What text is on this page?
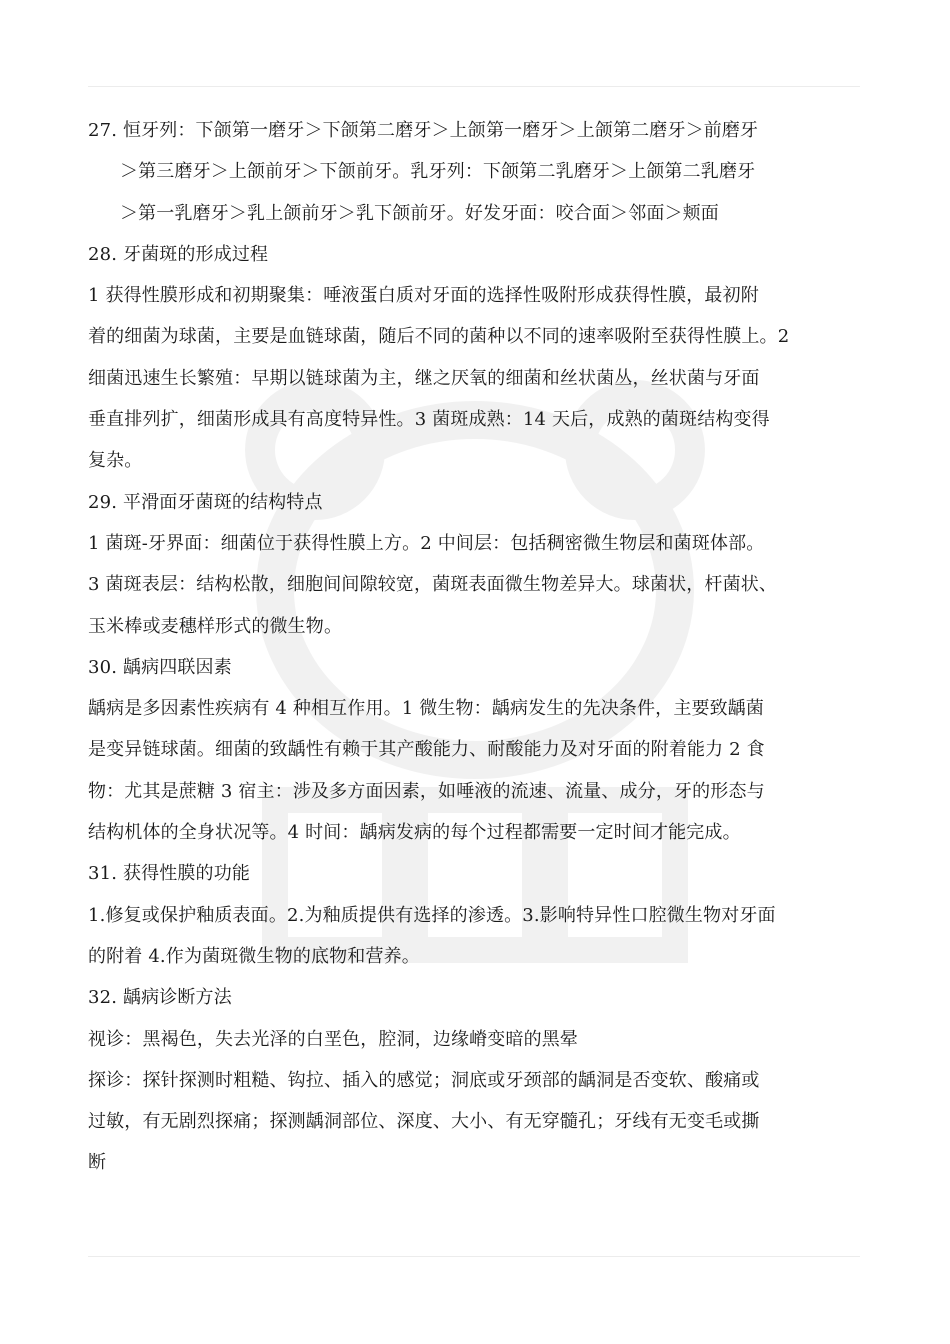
27. 恒牙列：下颌第一磨牙＞下颌第二磨牙＞上颌第一磨牙＞上颌第二磨牙＞前磨牙
＞第三磨牙＞上颌前牙＞下颌前牙。乳牙列：下颌第二乳磨牙＞上颌第二乳磨牙
＞第一乳磨牙＞乳上颌前牙＞乳下颌前牙。好发牙面：咬合面＞邻面＞颊面
28. 牙菌斑的形成过程
1 获得性膜形成和初期聚集：唾液蛋白质对牙面的选择性吸附形成获得性膜，最初附
着的细菌为球菌，主要是血链球菌，随后不同的菌种以不同的速率吸附至获得性膜上。2
细菌迅速生长繁殖：早期以链球菌为主，继之厌氧的细菌和丝状菌丛，丝状菌与牙面
垂直排列扩，细菌形成具有高度特异性。3 菌斑成熟：14 天后，成熟的菌斑结构变得
复杂。
29. 平滑面牙菌斑的结构特点
1 菌斑-牙界面：细菌位于获得性膜上方。2 中间层：包括稠密微生物层和菌斑体部。
3 菌斑表层：结构松散，细胞间间隙较宽，菌斑表面微生物差异大。球菌状，杆菌状、
玉米棒或麦穗样形式的微生物。
30. 龋病四联因素
龋病是多因素性疾病有 4 种相互作用。1 微生物：龋病发生的先决条件，主要致龋菌
是变异链球菌。细菌的致龋性有赖于其产酸能力、耐酸能力及对牙面的附着能力 2 食
物：尤其是蔗糖 3 宿主：涉及多方面因素，如唾液的流速、流量、成分，牙的形态与
结构机体的全身状况等。4 时间：龋病发病的每个过程都需要一定时间才能完成。
31. 获得性膜的功能
1.修复或保护釉质表面。2.为釉质提供有选择的渗透。3.影响特异性口腔微生物对牙面
的附着 4.作为菌斑微生物的底物和营养。
32. 龋病诊断方法
视诊：黑褐色，失去光泽的白垩色，腔洞，边缘嵴变暗的黑晕
探诊：探针探测时粗糙、钩拉、插入的感觉；洞底或牙颈部的龋洞是否变软、酸痛或
过敏，有无剧烈探痛；探测龋洞部位、深度、大小、有无穿髓孔；牙线有无变毛或撕
断
